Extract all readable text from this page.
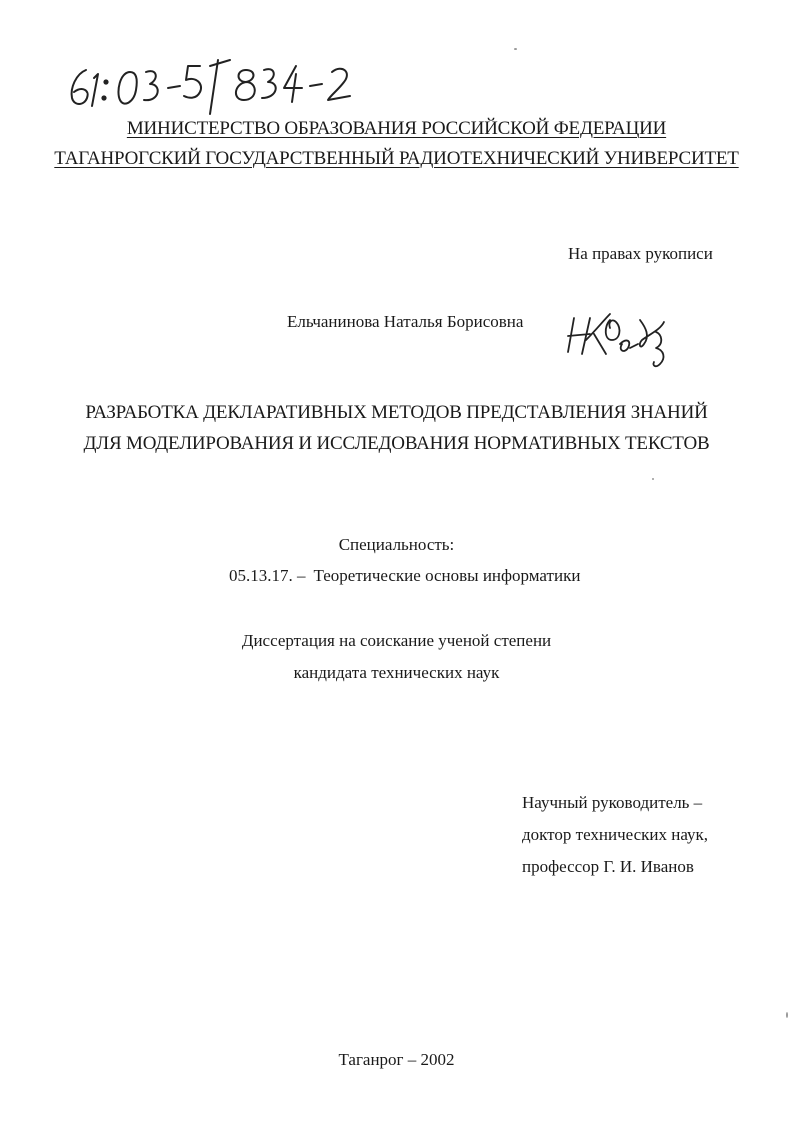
МИНИСТЕРСТВО ОБРАЗОВАНИЯ РОССИЙСКОЙ ФЕДЕРАЦИИ
ТАГАНРОГСКИЙ ГОСУДАРСТВЕННЫЙ РАДИОТЕХНИЧЕСКИЙ УНИВЕРСИТЕТ
На правах рукописи
Ельчанинова Наталья Борисовна
РАЗРАБОТКА ДЕКЛАРАТИВНЫХ МЕТОДОВ ПРЕДСТАВЛЕНИЯ ЗНАНИЙ
ДЛЯ МОДЕЛИРОВАНИЯ И ИССЛЕДОВАНИЯ НОРМАТИВНЫХ ТЕКСТОВ
Специальность:
05.13.17. – Теоретические основы информатики
Диссертация на соискание ученой степени
кандидата технических наук
Научный руководитель –
доктор технических наук,
профессор Г. И. Иванов
Таганрог – 2002
